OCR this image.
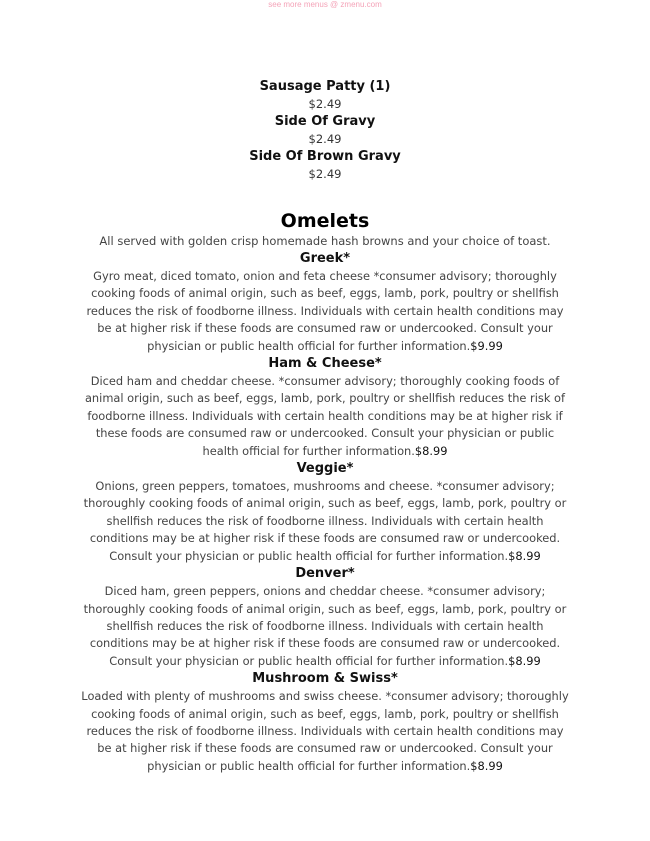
see more menus @ zmenu.com
Sausage Patty (1)
$2.49
Side Of Gravy
$2.49
Side Of Brown Gravy
$2.49
Omelets
All served with golden crisp homemade hash browns and your choice of toast.
Greek*
Gyro meat, diced tomato, onion and feta cheese *consumer advisory; thoroughly cooking foods of animal origin, such as beef, eggs, lamb, pork, poultry or shellfish reduces the risk of foodborne illness. Individuals with certain health conditions may be at higher risk if these foods are consumed raw or undercooked. Consult your physician or public health official for further information.$9.99
Ham & Cheese*
Diced ham and cheddar cheese. *consumer advisory; thoroughly cooking foods of animal origin, such as beef, eggs, lamb, pork, poultry or shellfish reduces the risk of foodborne illness. Individuals with certain health conditions may be at higher risk if these foods are consumed raw or undercooked. Consult your physician or public health official for further information.$8.99
Veggie*
Onions, green peppers, tomatoes, mushrooms and cheese. *consumer advisory; thoroughly cooking foods of animal origin, such as beef, eggs, lamb, pork, poultry or shellfish reduces the risk of foodborne illness. Individuals with certain health conditions may be at higher risk if these foods are consumed raw or undercooked. Consult your physician or public health official for further information.$8.99
Denver*
Diced ham, green peppers, onions and cheddar cheese. *consumer advisory; thoroughly cooking foods of animal origin, such as beef, eggs, lamb, pork, poultry or shellfish reduces the risk of foodborne illness. Individuals with certain health conditions may be at higher risk if these foods are consumed raw or undercooked. Consult your physician or public health official for further information.$8.99
Mushroom & Swiss*
Loaded with plenty of mushrooms and swiss cheese. *consumer advisory; thoroughly cooking foods of animal origin, such as beef, eggs, lamb, pork, poultry or shellfish reduces the risk of foodborne illness. Individuals with certain health conditions may be at higher risk if these foods are consumed raw or undercooked. Consult your physician or public health official for further information.$8.99
